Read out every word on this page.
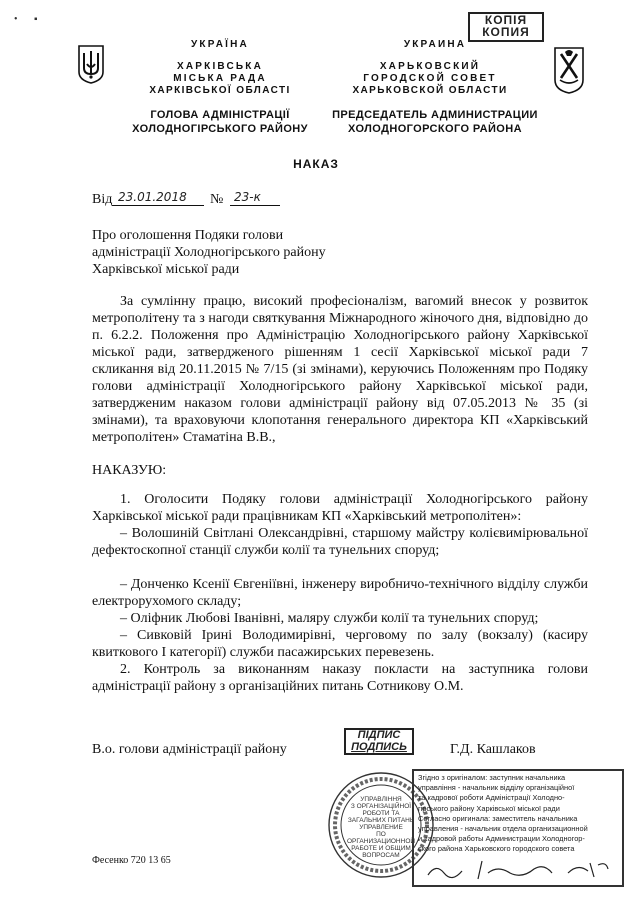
• ▪
УКРАЇНА
ХАРКІВСЬКА
МІСЬКА РАДА
ХАРКІВСЬКОЇ ОБЛАСТІ
ГОЛОВА АДМІНІСТРАЦІЇ
ХОЛОДНОГІРСЬКОГО РАЙОНУ
УКРАИНА
ХАРЬКОВСКИЙ
ГОРОДСКОЙ СОВЕТ
ХАРЬКОВСКОЙ ОБЛАСТИ
ПРЕДСЕДАТЕЛЬ АДМИНИСТРАЦИИ
ХОЛОДНОГОРСКОГО РАЙОНА
КОПІЯ
КОПИЯ
НАКАЗ
Від 23.01.2018	№ 23-к
Про оголошення Подяки голови
адміністрації Холодногірського району
Харківської міської ради
За сумлінну працю, високий професіоналізм, вагомий внесок у розвиток метрополітену та з нагоди святкування Міжнародного жіночого дня, відповідно до п. 6.2.2. Положення про Адміністрацію Холодногірського району Харківської міської ради, затвердженого рішенням 1 сесії Харківської міської ради 7 скликання від 20.11.2015 № 7/15 (зі змінами), керуючись Положенням про Подяку голови адміністрації Холодногірського району Харківської міської ради, затвердженим наказом голови адміністрації району від 07.05.2013 № 35 (зі змінами), та враховуючи клопотання генерального директора КП «Харківський метрополітен» Стаматіна В.В.,
НАКАЗУЮ:
1. Оголосити Подяку голови адміністрації Холодногірського району Харківської міської ради працівникам КП «Харківський метрополітен»:
– Волошиній Світлані Олександрівні, старшому майстру колієвимірювальної дефектоскопної станції служби колії та тунельних споруд;
– Донченко Ксенії Євгеніївні, інженеру виробничо-технічного відділу служби електрорухомого складу;
– Оліфник Любові Іванівні, маляру служби колії та тунельних споруд;
– Сивковій Ірині Володимирівні, черговому по залу (вокзалу) (касиру квиткового І категорії) служби пасажирських перевезень.
2. Контроль за виконанням наказу покласти на заступника голови адміністрації району з організаційних питань Сотникову О.М.
В.о. голови адміністрації району
ПІДПИС
ПОДПИСЬ	Г.Д. Кашлаков
УПРАВЛІННЯ
З ОРГАНІЗАЦІЙНОЇ
РОБОТИ ТА
ЗАГАЛЬНИХ ПИТАНЬ
УПРАВЛЕНИЕ
ПО ОРГАНИЗАЦИОННОЙ
РАБОТЕ И ОБЩИМ
ВОПРОСАМ
Згідно з оригіналом: заступник начальника
управління - начальник відділу організаційної
та кадрової роботи Адміністрації Холодно-
гірського району Харківської міської ради
Согласно оригинала: заместитель начальника
управления - начальник отдела организационной
и кадровой работы Администрации Холодногор-
ского района Харьковского городского совета
Фесенко 720 13 65
